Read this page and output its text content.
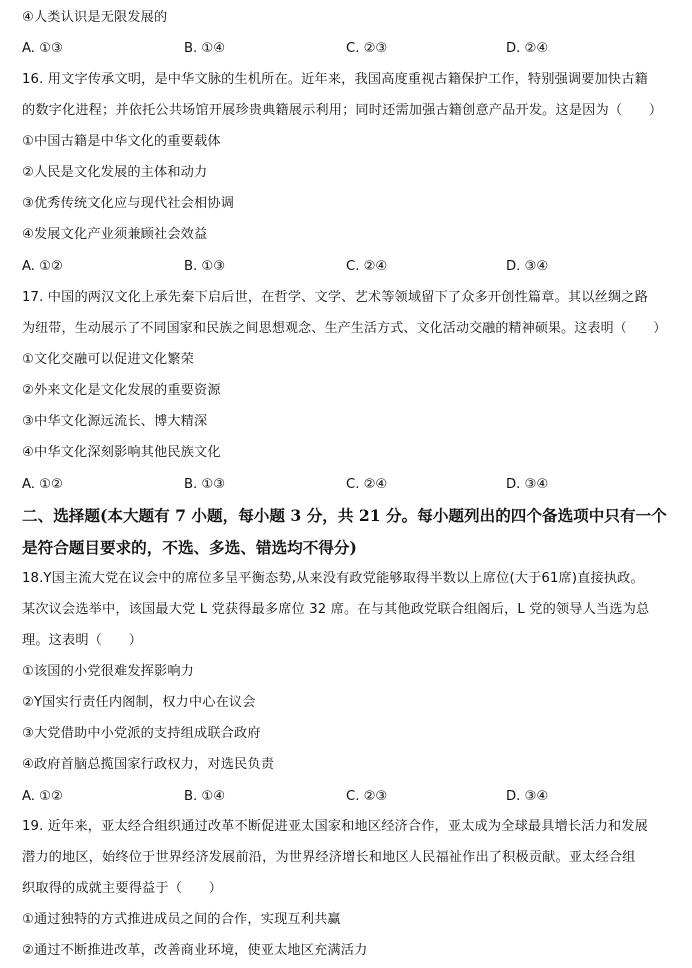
④人类认识是无限发展的
A. ①③	B. ①④	C. ②③	D. ②④
16. 用文字传承文明，是中华文脉的生机所在。近年来，我国高度重视古籍保护工作，特别强调要加快古籍
的数字化进程；并依托公共场馆开展珍贵典籍展示利用；同时还需加强古籍创意产品开发。这是因为（　　）
①中国古籍是中华文化的重要载体
②人民是文化发展的主体和动力
③优秀传统文化应与现代社会相协调
④发展文化产业须兼顾社会效益
A. ①②	B. ①③	C. ②④	D. ③④
17. 中国的两汉文化上承先秦下启后世，在哲学、文学、艺术等领域留下了众多开创性篇章。其以丝绸之路
为纽带，生动展示了不同国家和民族之间思想观念、生产生活方式、文化活动交融的精神硕果。这表明（　　）
①文化交融可以促进文化繁荣
②外来文化是文化发展的重要资源
③中华文化源远流长、博大精深
④中华文化深刻影响其他民族文化
A. ①②	B. ①③	C. ②④	D. ③④
二、选择题(本大题有 7 小题，每小题 3 分，共 21 分。每小题列出的四个备选项中只有一个
是符合题目要求的，不选、多选、错选均不得分)
18.Y国主流大党在议会中的席位多呈平衡态势,从来没有政党能够取得半数以上席位(大于61席)直接执政。
某次议会选举中，该国最大党 L 党获得最多席位 32 席。在与其他政党联合组阁后，L 党的领导人当选为总
理。这表明（　　）
①该国的小党很难发挥影响力
②Y国实行责任内阁制，权力中心在议会
③大党借助中小党派的支持组成联合政府
④政府首脑总揽国家行政权力，对选民负责
A. ①②	B. ①④	C. ②③	D. ③④
19. 近年来，亚太经合组织通过改革不断促进亚太国家和地区经济合作，亚太成为全球最具增长活力和发展
潜力的地区，始终位于世界经济发展前沿，为世界经济增长和地区人民福祉作出了积极贡献。亚太经合组
织取得的成就主要得益于（　　）
①通过独特的方式推进成员之间的合作，实现互利共赢
②通过不断推进改革，改善商业环境，使亚太地区充满活力
